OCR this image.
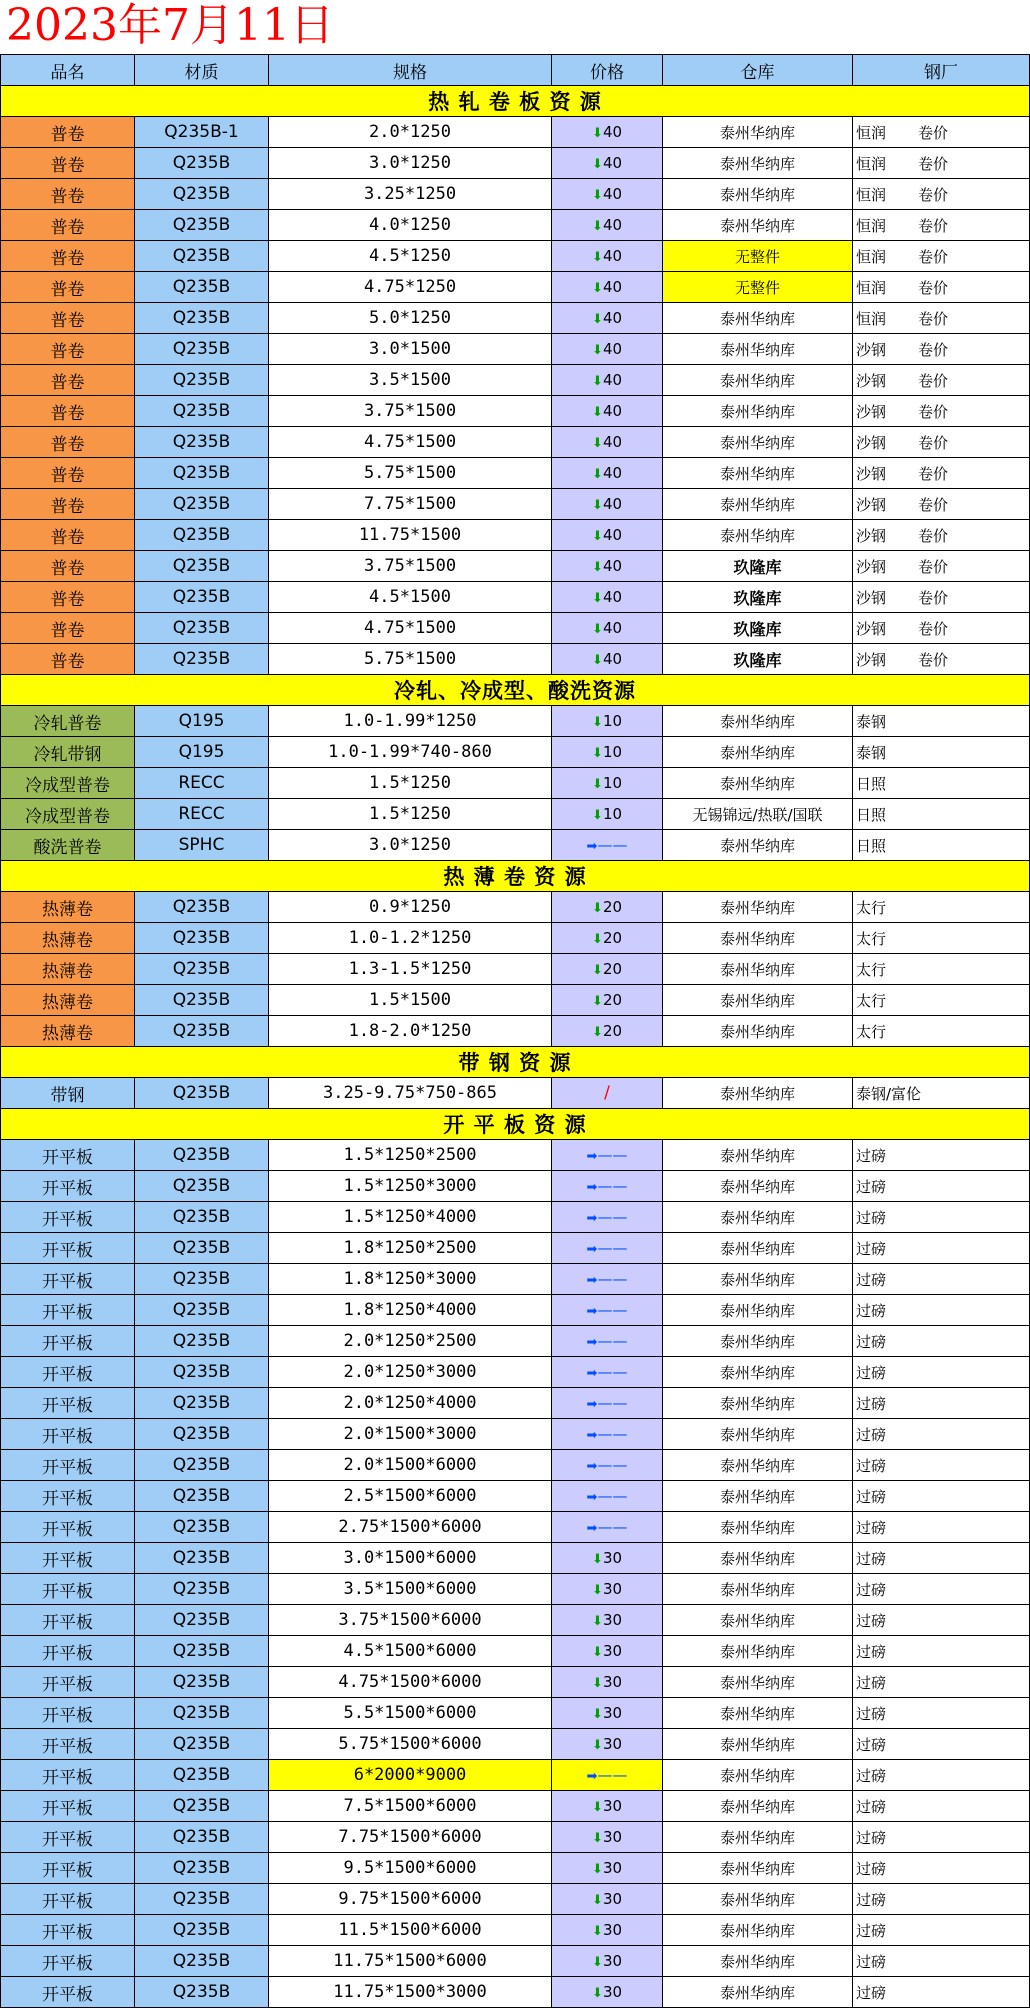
2023年7月11日
品名	材质	规格	价格	仓库	钢厂
热 轧 卷 板 资 源					
普卷	Q235B-1	2.0*1250	⬇40	泰州华纳库	恒润 卷价
普卷	Q235B	3.0*1250	⬇40	泰州华纳库	恒润 卷价
普卷	Q235B	3.25*1250	⬇40	泰州华纳库	恒润 卷价
普卷	Q235B	4.0*1250	⬇40	泰州华纳库	恒润 卷价
普卷	Q235B	4.5*1250	⬇40	无整件	恒润 卷价
普卷	Q235B	4.75*1250	⬇40	无整件	恒润 卷价
普卷	Q235B	5.0*1250	⬇40	泰州华纳库	恒润 卷价
普卷	Q235B	3.0*1500	⬇40	泰州华纳库	沙钢 卷价
普卷	Q235B	3.5*1500	⬇40	泰州华纳库	沙钢 卷价
普卷	Q235B	3.75*1500	⬇40	泰州华纳库	沙钢 卷价
普卷	Q235B	4.75*1500	⬇40	泰州华纳库	沙钢 卷价
普卷	Q235B	5.75*1500	⬇40	泰州华纳库	沙钢 卷价
普卷	Q235B	7.75*1500	⬇40	泰州华纳库	沙钢 卷价
普卷	Q235B	11.75*1500	⬇40	泰州华纳库	沙钢 卷价
普卷	Q235B	3.75*1500	⬇40	玖隆库	沙钢 卷价
普卷	Q235B	4.5*1500	⬇40	玖隆库	沙钢 卷价
普卷	Q235B	4.75*1500	⬇40	玖隆库	沙钢 卷价
普卷	Q235B	5.75*1500	⬇40	玖隆库	沙钢 卷价
冷轧、冷成型、酸洗资源					
冷轧普卷	Q195	1.0-1.99*1250	⬇10	泰州华纳库	泰钢
冷轧带钢	Q195	1.0-1.99*740-860	⬇10	泰州华纳库	泰钢
冷成型普卷	RECC	1.5*1250	⬇10	泰州华纳库	日照
冷成型普卷	RECC	1.5*1250	⬇10	无锡锦远/热联/国联	日照
酸洗普卷	SPHC	3.0*1250	➡——	泰州华纳库	日照
热 薄 卷 资 源					
热薄卷	Q235B	0.9*1250	⬇20	泰州华纳库	太行
热薄卷	Q235B	1.0-1.2*1250	⬇20	泰州华纳库	太行
热薄卷	Q235B	1.3-1.5*1250	⬇20	泰州华纳库	太行
热薄卷	Q235B	1.5*1500	⬇20	泰州华纳库	太行
热薄卷	Q235B	1.8-2.0*1250	⬇20	泰州华纳库	太行
带 钢 资 源					
带钢	Q235B	3.25-9.75*750-865	/	泰州华纳库	泰钢/富伦
开 平 板 资 源					
开平板	Q235B	1.5*1250*2500	➡——	泰州华纳库	过磅
开平板	Q235B	1.5*1250*3000	➡——	泰州华纳库	过磅
开平板	Q235B	1.5*1250*4000	➡——	泰州华纳库	过磅
开平板	Q235B	1.8*1250*2500	➡——	泰州华纳库	过磅
开平板	Q235B	1.8*1250*3000	➡——	泰州华纳库	过磅
开平板	Q235B	1.8*1250*4000	➡——	泰州华纳库	过磅
开平板	Q235B	2.0*1250*2500	➡——	泰州华纳库	过磅
开平板	Q235B	2.0*1250*3000	➡——	泰州华纳库	过磅
开平板	Q235B	2.0*1250*4000	➡——	泰州华纳库	过磅
开平板	Q235B	2.0*1500*3000	➡——	泰州华纳库	过磅
开平板	Q235B	2.0*1500*6000	➡——	泰州华纳库	过磅
开平板	Q235B	2.5*1500*6000	➡——	泰州华纳库	过磅
开平板	Q235B	2.75*1500*6000	➡——	泰州华纳库	过磅
开平板	Q235B	3.0*1500*6000	⬇30	泰州华纳库	过磅
开平板	Q235B	3.5*1500*6000	⬇30	泰州华纳库	过磅
开平板	Q235B	3.75*1500*6000	⬇30	泰州华纳库	过磅
开平板	Q235B	4.5*1500*6000	⬇30	泰州华纳库	过磅
开平板	Q235B	4.75*1500*6000	⬇30	泰州华纳库	过磅
开平板	Q235B	5.5*1500*6000	⬇30	泰州华纳库	过磅
开平板	Q235B	5.75*1500*6000	⬇30	泰州华纳库	过磅
开平板	Q235B	6*2000*9000	➡——	泰州华纳库	过磅
开平板	Q235B	7.5*1500*6000	⬇30	泰州华纳库	过磅
开平板	Q235B	7.75*1500*6000	⬇30	泰州华纳库	过磅
开平板	Q235B	9.5*1500*6000	⬇30	泰州华纳库	过磅
开平板	Q235B	9.75*1500*6000	⬇30	泰州华纳库	过磅
开平板	Q235B	11.5*1500*6000	⬇30	泰州华纳库	过磅
开平板	Q235B	11.75*1500*6000	⬇30	泰州华纳库	过磅
开平板	Q235B	11.75*1500*3000	⬇30	泰州华纳库	过磅
